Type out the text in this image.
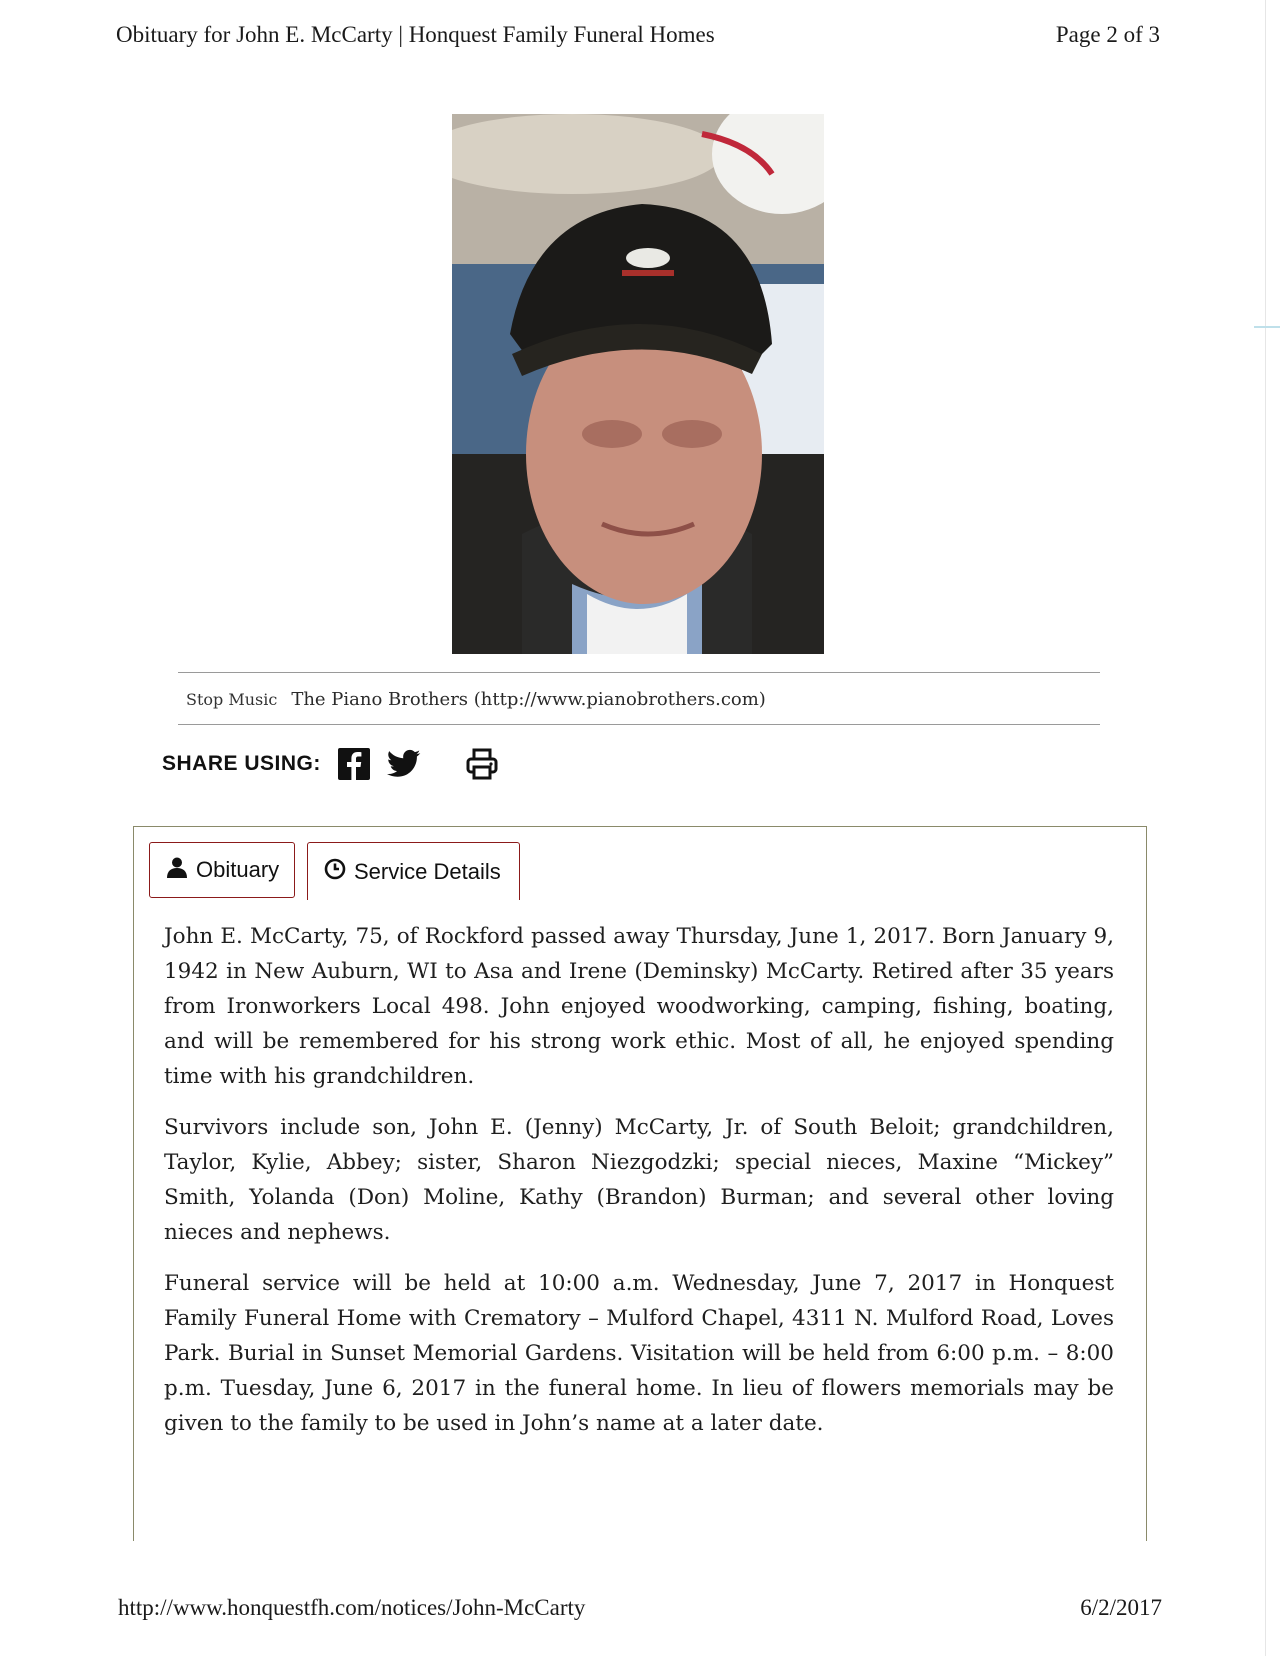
Obituary for John E. McCarty | Honquest Family Funeral Homes	Page 2 of 3
Stop Music The Piano Brothers (http://www.pianobrothers.com)
SHARE USING:
Obituary	Service Details

John E. McCarty, 75, of Rockford passed away Thursday, June 1, 2017. Born January 9, 1942 in New Auburn, WI to Asa and Irene (Deminsky) McCarty. Retired after 35 years from Ironworkers Local 498. John enjoyed woodworking, camping, fishing, boating, and will be remembered for his strong work ethic. Most of all, he enjoyed spending time with his grandchildren.

Survivors include son, John E. (Jenny) McCarty, Jr. of South Beloit; grandchildren, Taylor, Kylie, Abbey; sister, Sharon Niezgodzki; special nieces, Maxine “Mickey” Smith, Yolanda (Don) Moline, Kathy (Brandon) Burman; and several other loving nieces and nephews.

Funeral service will be held at 10:00 a.m. Wednesday, June 7, 2017 in Honquest Family Funeral Home with Crematory – Mulford Chapel, 4311 N. Mulford Road, Loves Park. Burial in Sunset Memorial Gardens. Visitation will be held from 6:00 p.m. – 8:00 p.m. Tuesday, June 6, 2017 in the funeral home. In lieu of flowers memorials may be given to the family to be used in John’s name at a later date.

http://www.honquestfh.com/notices/John-McCarty	6/2/2017
